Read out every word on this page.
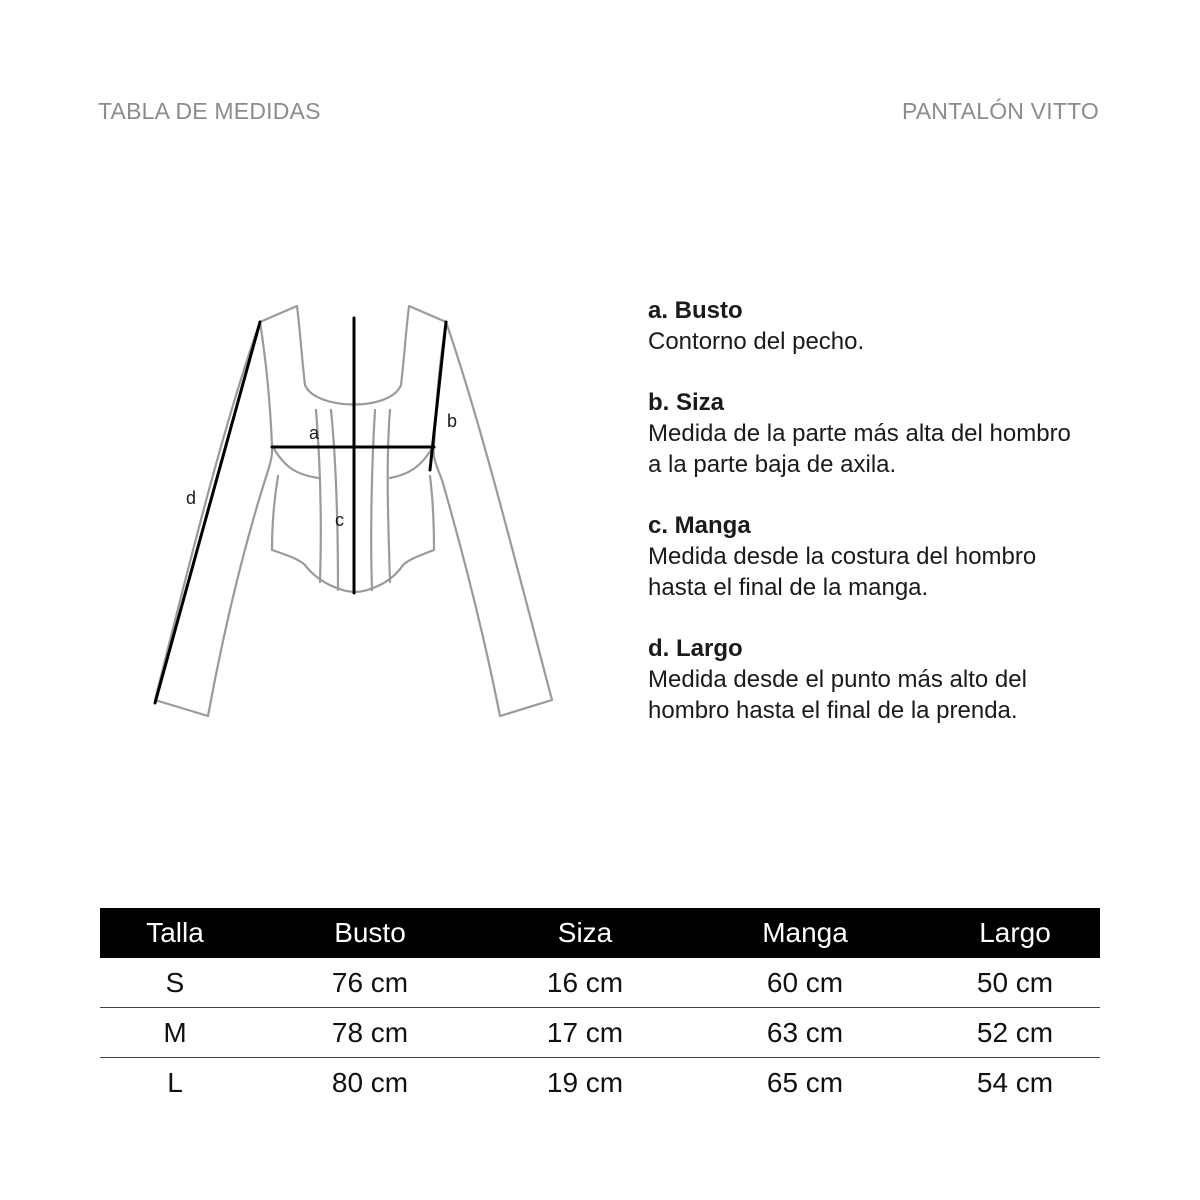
TABLA DE MEDIDAS	PANTALÓN VITTO
a
b
c
d
a. Busto
Contorno del pecho.
b. Siza
Medida de la parte más alta del hombro
a la parte baja de axila.
c. Manga
Medida desde la costura del hombro
hasta el final de la manga.
d. Largo
Medida desde el punto más alto del
hombro hasta el final de la prenda.
Talla	Busto	Siza	Manga	Largo
S	76 cm	16 cm	60 cm	50 cm
M	78 cm	17 cm	63 cm	52 cm
L	80 cm	19 cm	65 cm	54 cm
